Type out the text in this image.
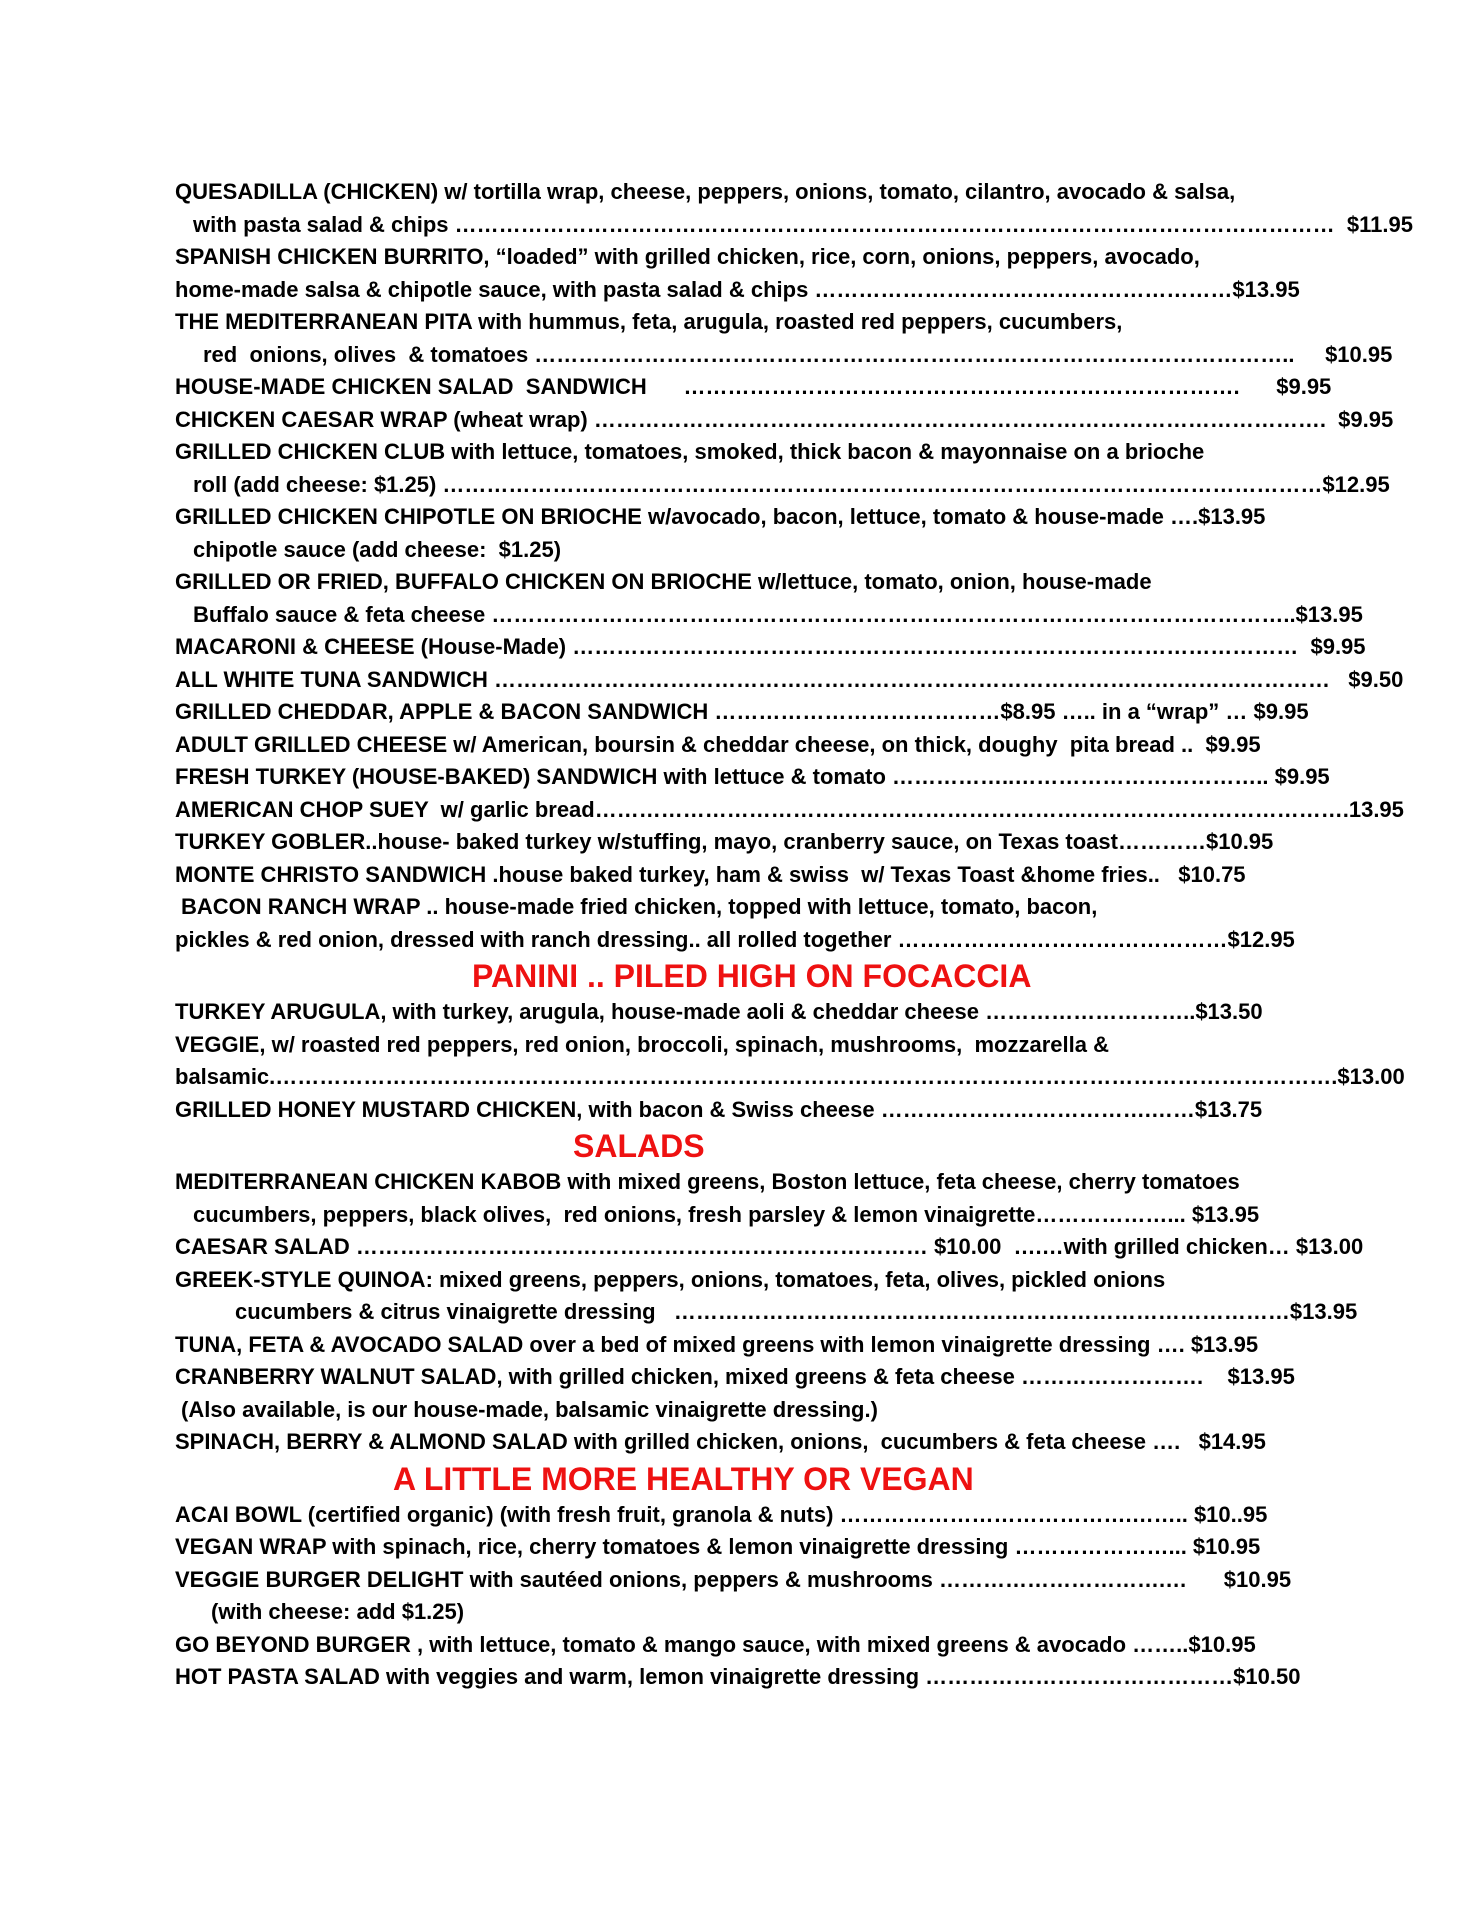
QUESADILLA (CHICKEN) w/ tortilla wrap, cheese, peppers, onions, tomato, cilantro, avocado & salsa,
with pasta salad & chips …………………………………………………………………………………………………………  $11.95
SPANISH CHICKEN BURRITO, “loaded” with grilled chicken, rice, corn, onions, peppers, avocado,
home-made salsa & chipotle sauce, with pasta salad & chips …………………………………………………$13.95
THE MEDITERRANEAN PITA with hummus, feta, arugula, roasted red peppers, cucumbers,
red  onions, olives  & tomatoes …………………………………………………………………………………………..     $10.95
HOUSE-MADE CHICKEN SALAD  SANDWICH      ………………………………………………………………….      $9.95
CHICKEN CAESAR WRAP (wheat wrap) ……………………………………………………………………………………….  $9.95
GRILLED CHICKEN CLUB with lettuce, tomatoes, smoked, thick bacon & mayonnaise on a brioche
roll (add cheese: $1.25) …………………………………………………………………………………………………………$12.95
GRILLED CHICKEN CHIPOTLE ON BRIOCHE w/avocado, bacon, lettuce, tomato & house-made ….$13.95
chipotle sauce (add cheese:  $1.25)
GRILLED OR FRIED, BUFFALO CHICKEN ON BRIOCHE w/lettuce, tomato, onion, house-made
Buffalo sauce & feta cheese ………………………………………………………………………………………………..$13.95
MACARONI & CHEESE (House-Made) ………………………………………………………………………………………  $9.95
ALL WHITE TUNA SANDWICH ……………………………………………………………………………………………………   $9.50
GRILLED CHEDDAR, APPLE & BACON SANDWICH …………………………………$8.95 ….. in a “wrap” … $9.95
ADULT GRILLED CHEESE w/ American, boursin & cheddar cheese, on thick, doughy  pita bread ..  $9.95
FRESH TURKEY (HOUSE-BAKED) SANDWICH with lettuce & tomato ……………..…………………………….. $9.95
AMERICAN CHOP SUEY  w/ garlic bread………………………………………………………………………………………….13.95
TURKEY GOBLER..house- baked turkey w/stuffing, mayo, cranberry sauce, on Texas toast…………$10.95
MONTE CHRISTO SANDWICH .house baked turkey, ham & swiss  w/ Texas Toast &home fries..   $10.75
BACON RANCH WRAP .. house-made fried chicken, topped with lettuce, tomato, bacon,
pickles & red onion, dressed with ranch dressing.. all rolled together ………………………………………$12.95
PANINI .. PILED HIGH ON FOCACCIA
TURKEY ARUGULA, with turkey, arugula, house-made aoli & cheddar cheese ………………………..$13.50
VEGGIE, w/ roasted red peppers, red onion, broccoli, spinach, mushrooms,  mozzarella &
balsamic.……………………………………………………………………………………………………………………………….$13.00
GRILLED HONEY MUSTARD CHICKEN, with bacon & Swiss cheese ……………………………….……$13.75
SALADS
MEDITERRANEAN CHICKEN KABOB with mixed greens, Boston lettuce, feta cheese, cherry tomatoes
cucumbers, peppers, black olives,  red onions, fresh parsley & lemon vinaigrette………………... $13.95
CAESAR SALAD …………………………………………………………………… $10.00  ….…with grilled chicken… $13.00
GREEK-STYLE QUINOA: mixed greens, peppers, onions, tomatoes, feta, olives, pickled onions
cucumbers & citrus vinaigrette dressing   …………………………………………………………………………$13.95
TUNA, FETA & AVOCADO SALAD over a bed of mixed greens with lemon vinaigrette dressing …. $13.95
CRANBERRY WALNUT SALAD, with grilled chicken, mixed greens & feta cheese …………………….    $13.95
(Also available, is our house-made, balsamic vinaigrette dressing.)
SPINACH, BERRY & ALMOND SALAD with grilled chicken, onions,  cucumbers & feta cheese ….   $14.95
A LITTLE MORE HEALTHY OR VEGAN
ACAI BOWL (certified organic) (with fresh fruit, granola & nuts) ………………………………….…….. $10..95
VEGAN WRAP with spinach, rice, cherry tomatoes & lemon vinaigrette dressing …………………... $10.95
VEGGIE BURGER DELIGHT with sautéed onions, peppers & mushrooms ………………………….…      $10.95
(with cheese: add $1.25)
GO BEYOND BURGER , with lettuce, tomato & mango sauce, with mixed greens & avocado ……..$10.95
HOT PASTA SALAD with veggies and warm, lemon vinaigrette dressing ……………………………………$10.50
